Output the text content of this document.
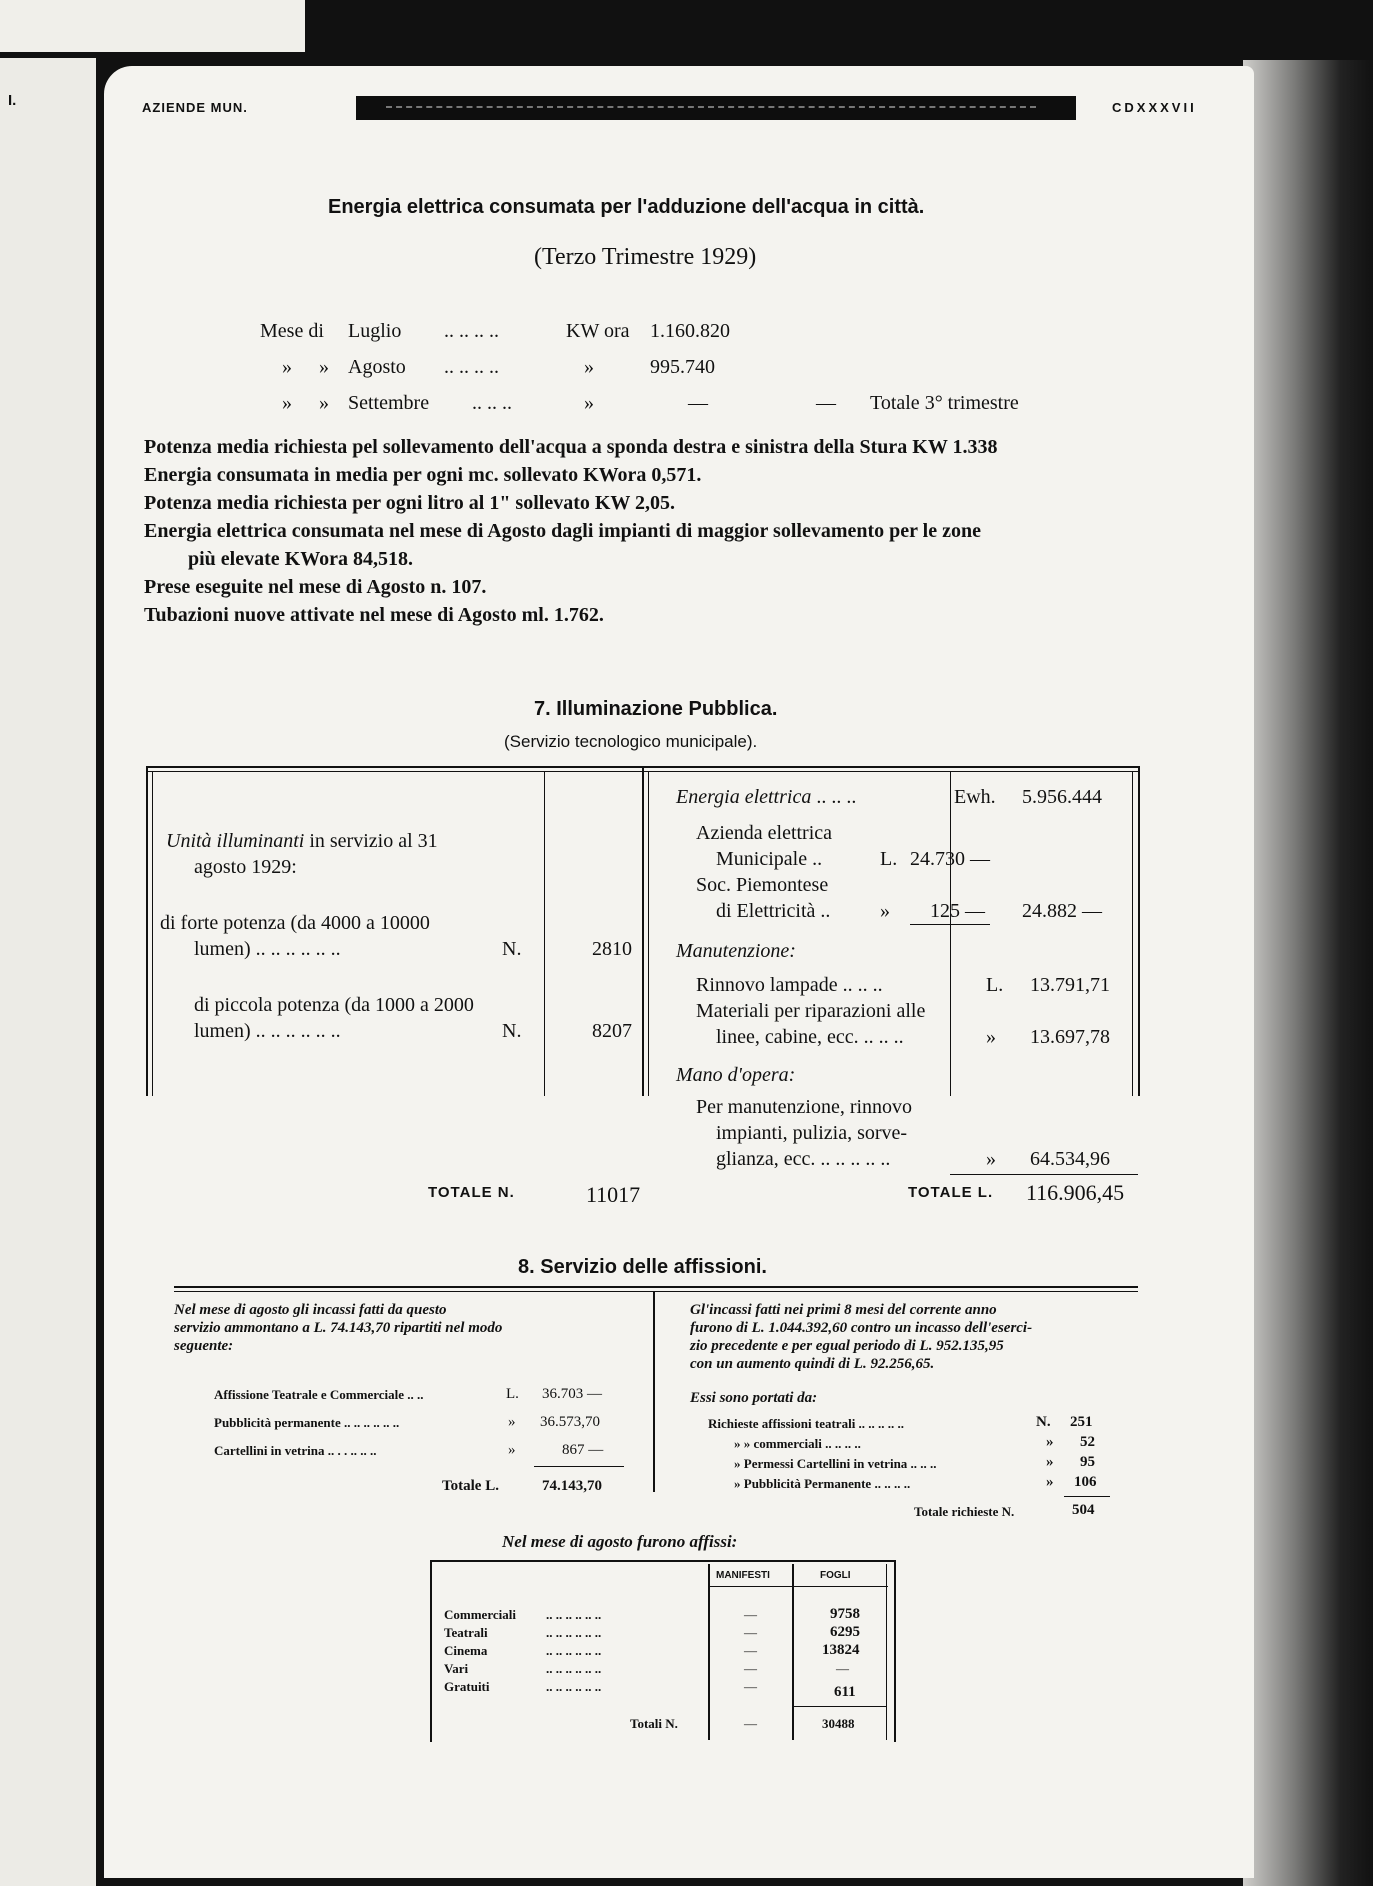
I.	AZIENDE MUN.	CDXXXVII
Energia elettrica consumata per l'adduzione dell'acqua in città.
(Terzo Trimestre 1929)
Mese di Luglio .. .. .. ..	KW ora 1.160.820
» » Agosto .. .. .. ..	»	995.740
» » Settembre .. .. ..	»	—	— Totale 3° trimestre
Potenza media richiesta pel sollevamento dell'acqua a sponda destra e sinistra della Stura KW 1.338
Energia consumata in media per ogni mc. sollevato KWora 0,571.
Potenza media richiesta per ogni litro al 1" sollevato KW 2,05.
Energia elettrica consumata nel mese di Agosto dagli impianti di maggior sollevamento per le zone
più elevate KWora 84,518.
Prese eseguite nel mese di Agosto n. 107.
Tubazioni nuove attivate nel mese di Agosto ml. 1.762.
7. Illuminazione Pubblica.
(Servizio tecnologico municipale).
Unità illuminanti in servizio al 31
agosto 1929:
di forte potenza (da 4000 a 10000
lumen) .. .. .. .. .. ..	N.	2810
di piccola potenza (da 1000 a 2000
lumen) .. .. .. .. .. ..	N.	8207
TOTALE N.	11017
Energia elettrica .. .. ..	Ewh. 5.956.444
Azienda elettrica
Municipale ..	L. 24.730 —
Soc. Piemontese
di Elettricità .. » 125 — 24.882 —
Manutenzione:
Rinnovo lampade .. .. ..	L. 13.791,71
Materiali per riparazioni alle
linee, cabine, ecc. .. .. ..	» 13.697,78
Mano d'opera:
Per manutenzione, rinnovo
impianti, pulizia, sorve-
glianza, ecc. .. .. .. .. ..	» 64.534,96
TOTALE L. 116.906,45
8. Servizio delle affissioni.
Nel mese di agosto gli incassi fatti da questo
servizio ammontano a L. 74.143,70 ripartiti nel modo
seguente:
Affissione Teatrale e Commerciale .. ..	L. 36.703 —
Pubblicità permanente .. .. .. .. .. ..	» 36.573,70
Cartellini in vetrina .. . . .. .. ..	»	867 —
Totale L.	74.143,70
Gl'incassi fatti nei primi 8 mesi del corrente anno
furono di L. 1.044.392,60 contro un incasso dell'eserci-
zio precedente e per egual periodo di L. 952.135,95
con un aumento quindi di L. 92.256,65.
Essi sono portati da:
Richieste affissioni teatrali .. .. .. .. ..	N. 251
» » commerciali .. .. .. ..	» 52
» Permessi Cartellini in vetrina .. .. ..	» 95
» Pubblicità Permanente .. .. .. ..	» 106
Totale richieste N.	504
Nel mese di agosto furono affissi:
MANIFESTI	FOGLI
Commerciali .. .. .. .. .. ..	—	9758
Teatrali	.. .. .. .. .. ..	—	6295
Cinema	.. .. .. .. .. ..	—	13824
Vari	.. .. .. .. .. ..	—	—
Gratuiti	.. .. .. .. .. ..	—	611
Totali N.	—	30488
